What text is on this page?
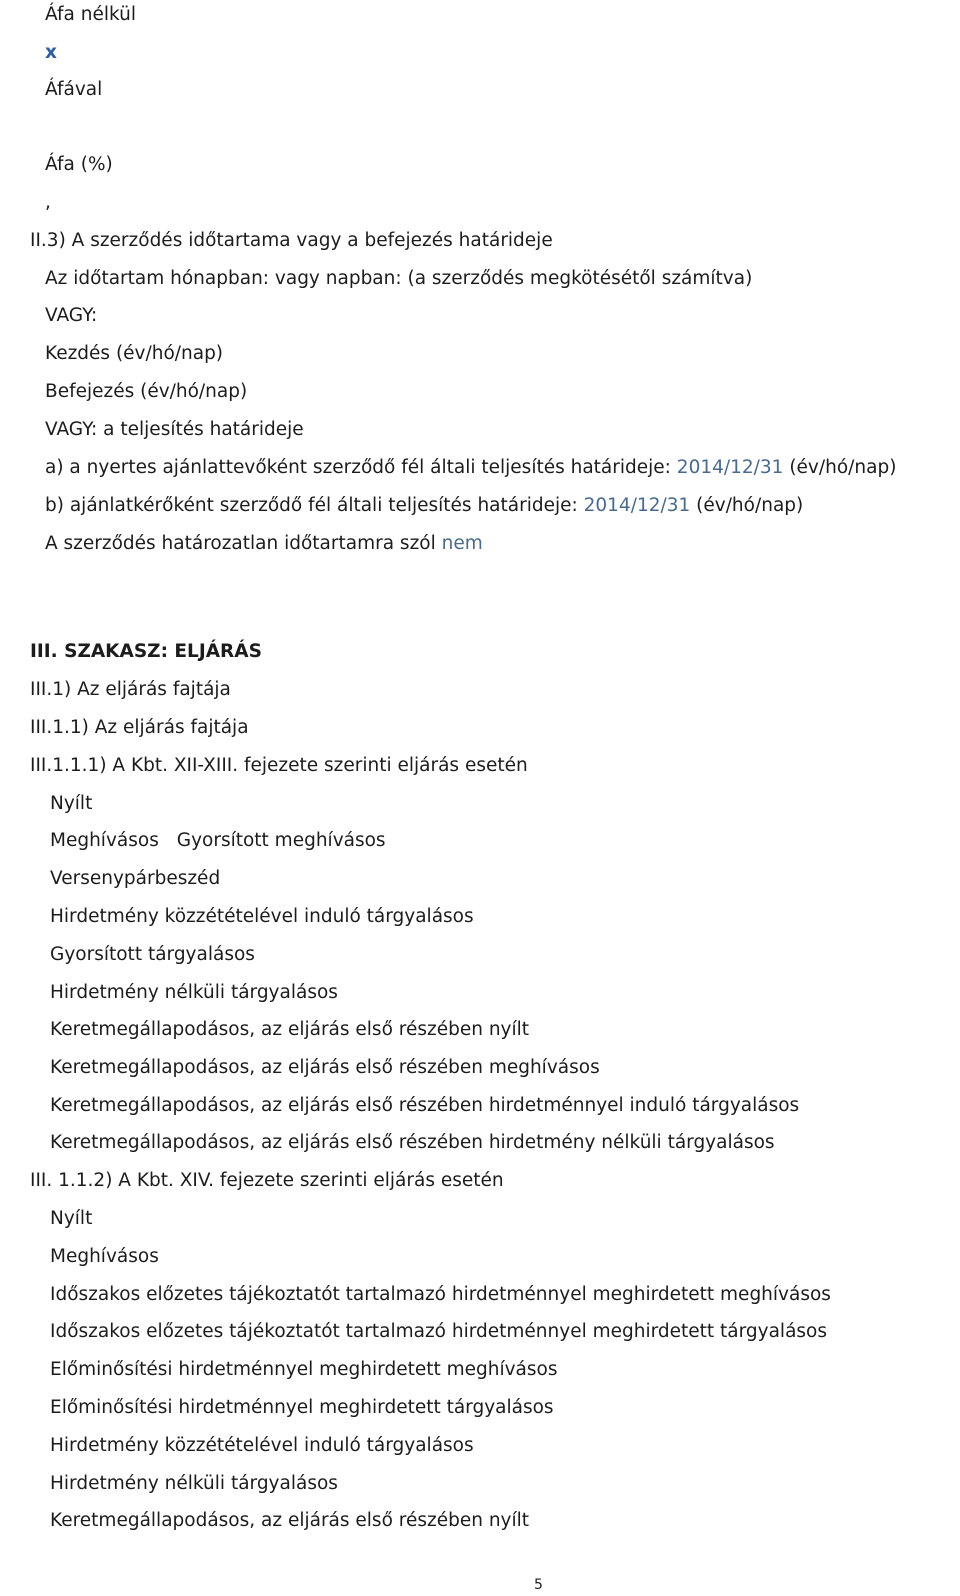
Áfa nélkül
x
Áfával
Áfa (%)
,
II.3) A szerződés időtartama vagy a befejezés határideje
Az időtartam hónapban: vagy napban: (a szerződés megkötésétől számítva)
VAGY:
Kezdés (év/hó/nap)
Befejezés (év/hó/nap)
VAGY: a teljesítés határideje
a) a nyertes ajánlattevőként szerződő fél általi teljesítés határideje: 2014/12/31 (év/hó/nap)
b) ajánlatkérőként szerződő fél általi teljesítés határideje: 2014/12/31 (év/hó/nap)
A szerződés határozatlan időtartamra szól nem
III. SZAKASZ: ELJÁRÁS
III.1) Az eljárás fajtája
III.1.1) Az eljárás fajtája
III.1.1.1) A Kbt. XII-XIII. fejezete szerinti eljárás esetén
Nyílt
Meghívásos Gyorsított meghívásos
Versenypárbeszéd
Hirdetmény közzétételével induló tárgyalásos
Gyorsított tárgyalásos
Hirdetmény nélküli tárgyalásos
Keretmegállapodásos, az eljárás első részében nyílt
Keretmegállapodásos, az eljárás első részében meghívásos
Keretmegállapodásos, az eljárás első részében hirdetménnyel induló tárgyalásos
Keretmegállapodásos, az eljárás első részében hirdetmény nélküli tárgyalásos
III. 1.1.2) A Kbt. XIV. fejezete szerinti eljárás esetén
Nyílt
Meghívásos
Időszakos előzetes tájékoztatót tartalmazó hirdetménnyel meghirdetett meghívásos
Időszakos előzetes tájékoztatót tartalmazó hirdetménnyel meghirdetett tárgyalásos
Előminősítési hirdetménnyel meghirdetett meghívásos
Előminősítési hirdetménnyel meghirdetett tárgyalásos
Hirdetmény közzétételével induló tárgyalásos
Hirdetmény nélküli tárgyalásos
Keretmegállapodásos, az eljárás első részében nyílt
5
